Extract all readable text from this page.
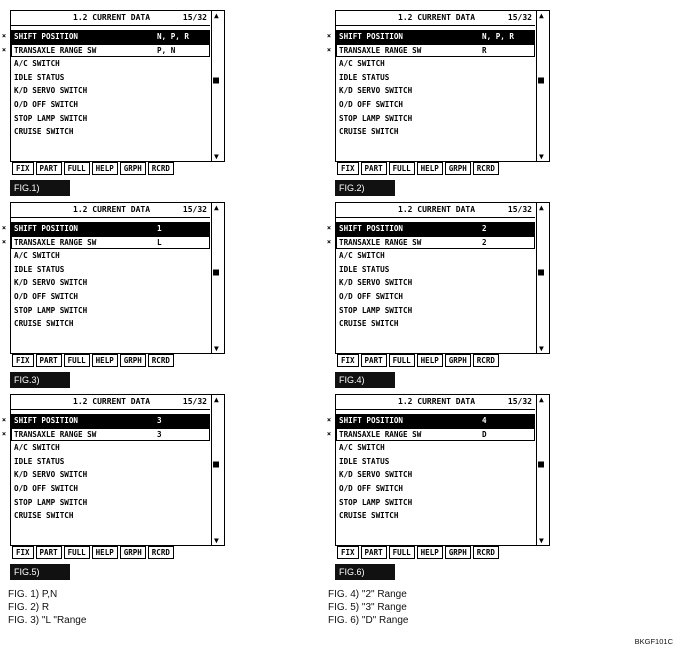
1.2 CURRENT DATA	15/32
× SHIFT POSITION	N, P, R
× TRANSAXLE RANGE SW	P, N
A/C SWITCH
IDLE STATUS
K/D SERVO SWITCH
O/D OFF SWITCH
STOP LAMP SWITCH
CRUISE SWITCH
▲
■
▼
FIX	PART	FULL	HELP	GRPH	RCRD
FIG.1)
1.2 CURRENT DATA	15/32
× SHIFT POSITION	N, P, R
× TRANSAXLE RANGE SW	R
A/C SWITCH
IDLE STATUS
K/D SERVO SWITCH
O/D OFF SWITCH
STOP LAMP SWITCH
CRUISE SWITCH
▲
■
▼
FIX	PART	FULL	HELP	GRPH	RCRD
FIG.2)
1.2 CURRENT DATA	15/32
× SHIFT POSITION	1
× TRANSAXLE RANGE SW	L
A/C SWITCH
IDLE STATUS
K/D SERVO SWITCH
O/D OFF SWITCH
STOP LAMP SWITCH
CRUISE SWITCH
▲
■
▼
FIX	PART	FULL	HELP	GRPH	RCRD
FIG.3)
1.2 CURRENT DATA	15/32
× SHIFT POSITION	2
× TRANSAXLE RANGE SW	2
A/C SWITCH
IDLE STATUS
K/D SERVO SWITCH
O/D OFF SWITCH
STOP LAMP SWITCH
CRUISE SWITCH
▲
■
▼
FIX	PART	FULL	HELP	GRPH	RCRD
FIG.4)
1.2 CURRENT DATA	15/32
× SHIFT POSITION	3
× TRANSAXLE RANGE SW	3
A/C SWITCH
IDLE STATUS
K/D SERVO SWITCH
O/D OFF SWITCH
STOP LAMP SWITCH
CRUISE SWITCH
▲
■
▼
FIX	PART	FULL	HELP	GRPH	RCRD
FIG.5)
1.2 CURRENT DATA	15/32
× SHIFT POSITION	4
× TRANSAXLE RANGE SW	D
A/C SWITCH
IDLE STATUS
K/D SERVO SWITCH
O/D OFF SWITCH
STOP LAMP SWITCH
CRUISE SWITCH
▲
■
▼
FIX	PART	FULL	HELP	GRPH	RCRD
FIG.6)
FIG. 1) P,N
FIG. 2) R
FIG. 3) "L "Range
FIG. 4) "2" Range
FIG. 5) "3" Range
FIG. 6) "D" Range
BKGF101C
